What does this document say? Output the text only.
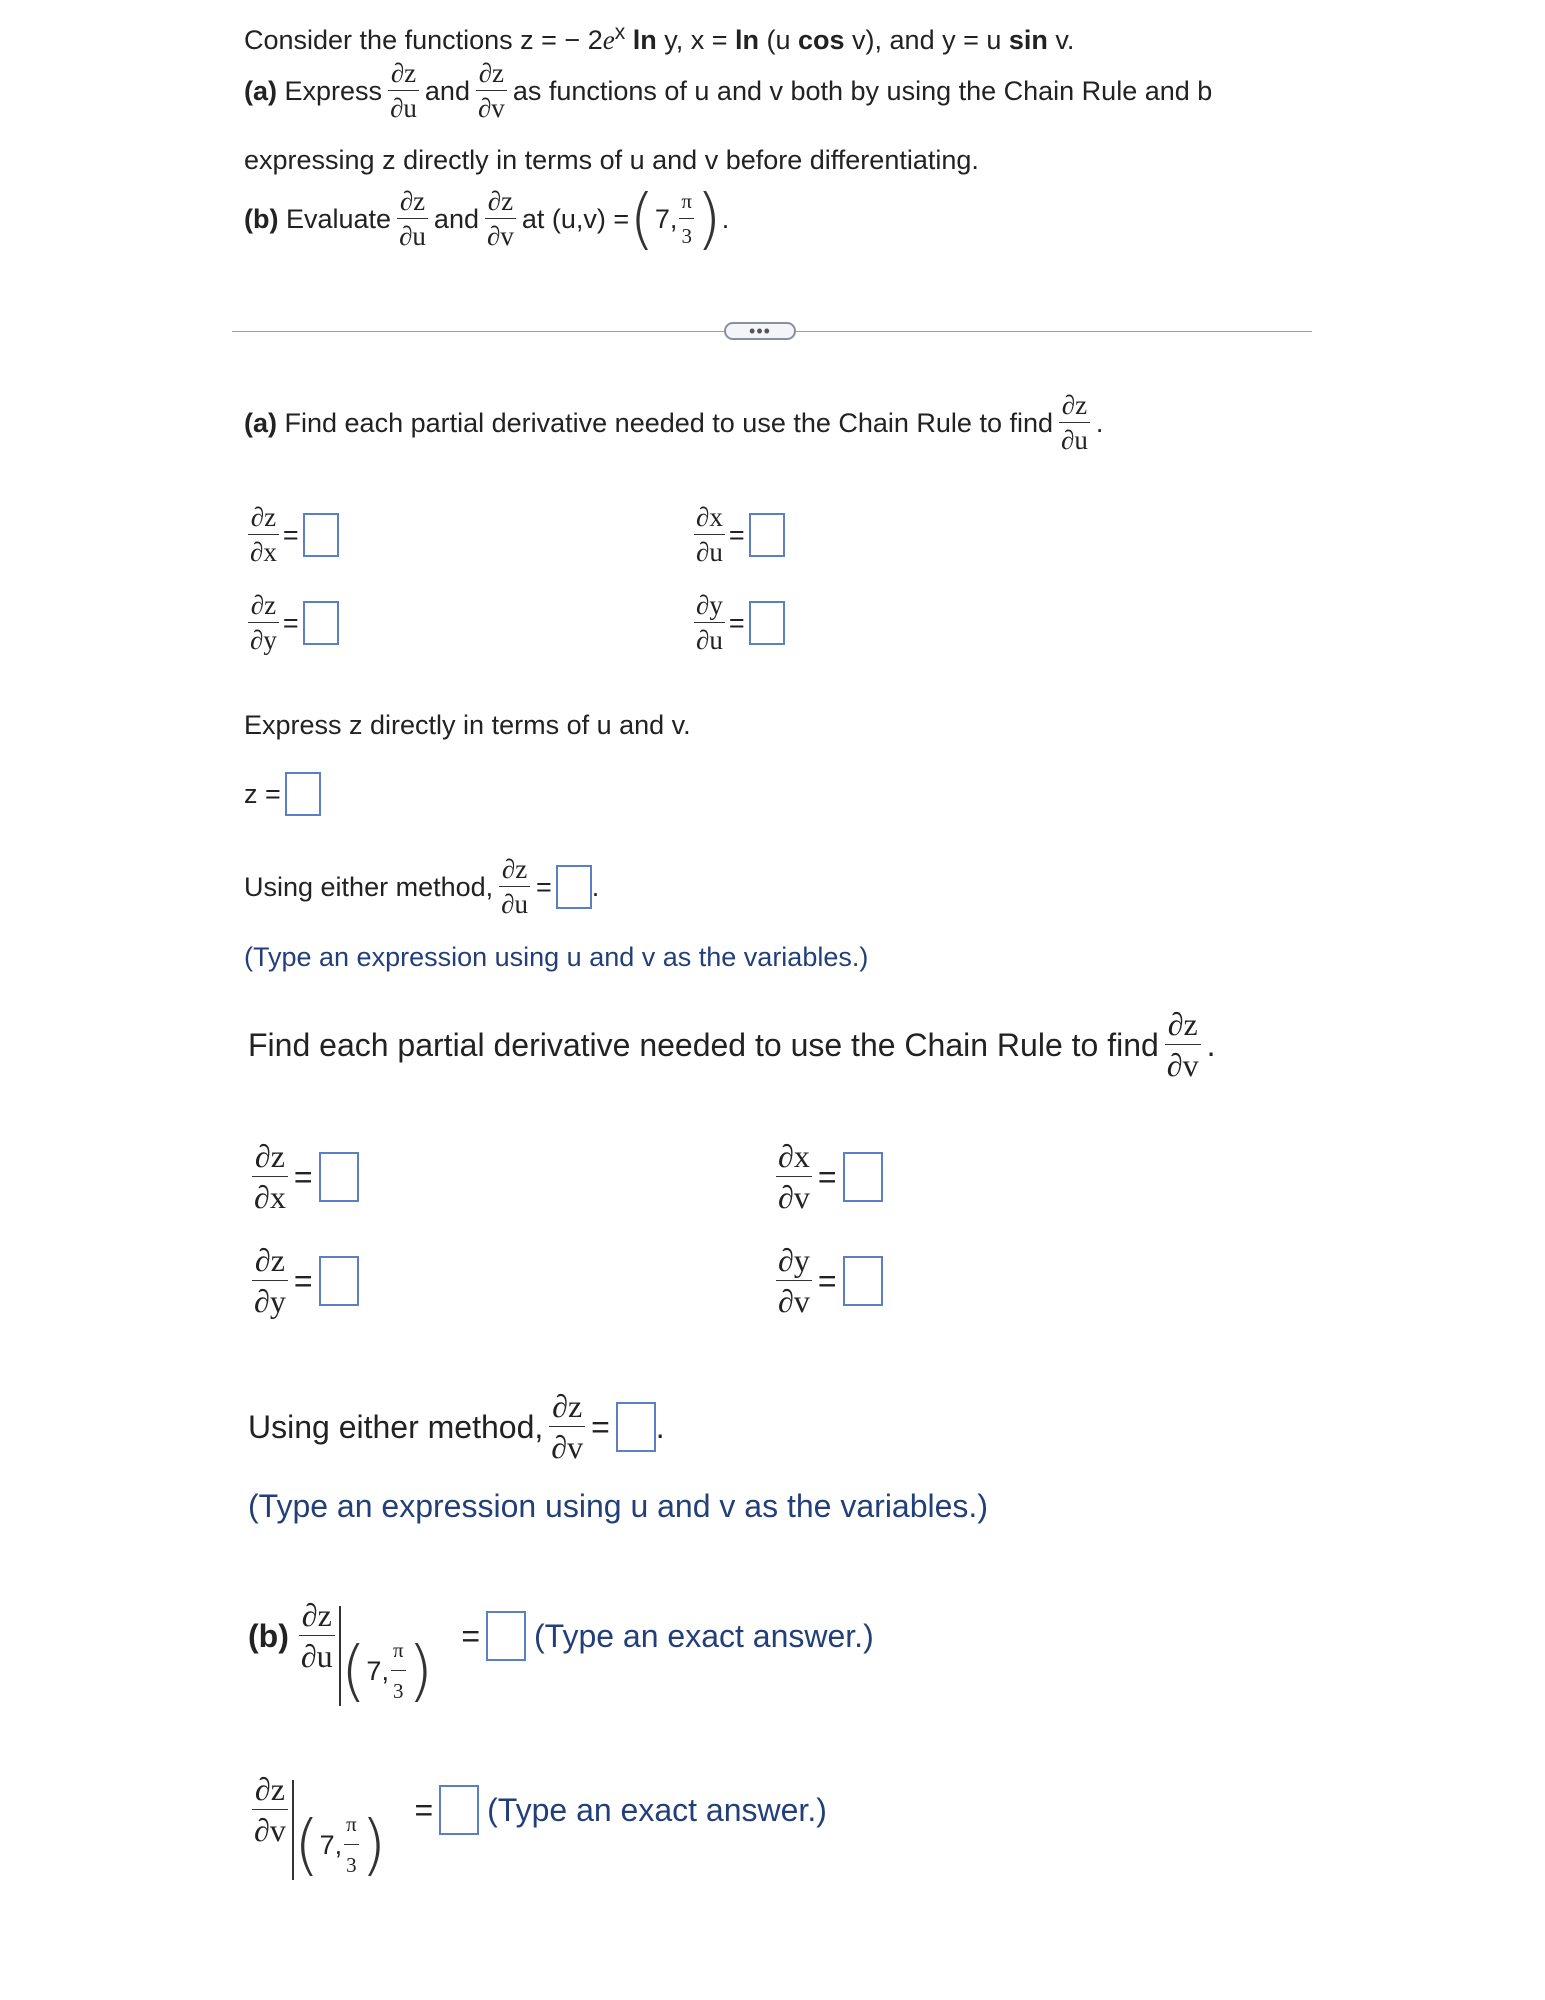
Consider the functions z = − $2e^x$ ln y, x = ln (u cos v), and y = u sin v.
(a)
Express $\frac{\partial z}{\partial u}$ and $\frac{\partial z}{\partial v}$ as functions of u and v both by using the Chain Rule and b
expressing z directly in terms of u and v before differentiating.
(b)
Evaluate $\frac{\partial z}{\partial u}$ and $\frac{\partial z}{\partial v}$ at (u,v) = ( 7, $\frac{\pi}{3}$ ) .
•••
(a)
Find each partial derivative needed to use the Chain Rule to find $\frac{\partial z}{\partial u}$ .
$\frac{\partial z}{\partial x}$ =
$\frac{\partial z}{\partial y}$ =
$\frac{\partial x}{\partial u}$ =
$\frac{\partial y}{\partial u}$ =
Express z directly in terms of u and v.
z =
Using either method, $\frac{\partial z}{\partial u}$ = .
(Type an expression using u and v as the variables.)
Find each partial derivative needed to use the Chain Rule to find $\frac{\partial z}{\partial v}$ .
$\frac{\partial z}{\partial x}$ =
$\frac{\partial z}{\partial y}$ =
$\frac{\partial x}{\partial v}$ =
$\frac{\partial y}{\partial v}$ =
Using either method, $\frac{\partial z}{\partial v}$ = .
(Type an expression using u and v as the variables.)
$(b) \frac{\partial z}{\partial u}$ ( 7, $\frac{\pi}{3}$ ) = (Type an exact answer.)
$\frac{\partial z}{\partial v}$ ( 7, $\frac{\pi}{3}$ ) = (Type an exact answer.)
